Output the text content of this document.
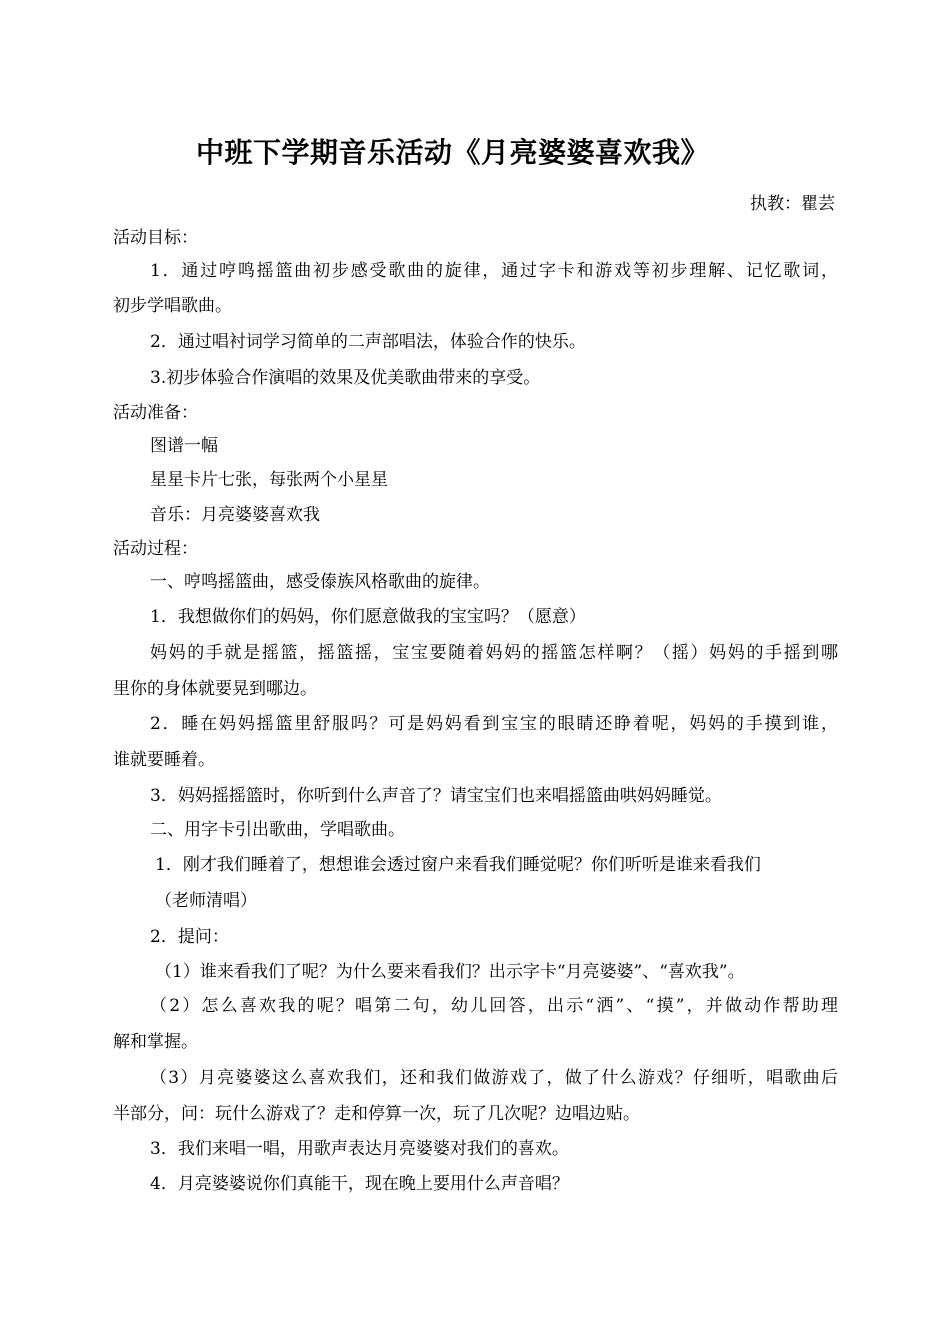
中班下学期音乐活动《月亮婆婆喜欢我》
执教：瞿芸
活动目标：
1．通过哼鸣摇篮曲初步感受歌曲的旋律，通过字卡和游戏等初步理解、记忆歌词，
初步学唱歌曲。
2．通过唱衬词学习简单的二声部唱法，体验合作的快乐。
3.初步体验合作演唱的效果及优美歌曲带来的享受。
活动准备：
图谱一幅
星星卡片七张，每张两个小星星
音乐：月亮婆婆喜欢我
活动过程：
一、哼鸣摇篮曲，感受傣族风格歌曲的旋律。
1．我想做你们的妈妈，你们愿意做我的宝宝吗？（愿意）
妈妈的手就是摇篮，摇篮摇，宝宝要随着妈妈的摇篮怎样啊？（摇）妈妈的手摇到哪
里你的身体就要晃到哪边。
2．睡在妈妈摇篮里舒服吗？可是妈妈看到宝宝的眼睛还睁着呢，妈妈的手摸到谁，
谁就要睡着。
3．妈妈摇摇篮时，你听到什么声音了？请宝宝们也来唱摇篮曲哄妈妈睡觉。
二、用字卡引出歌曲，学唱歌曲。
1．刚才我们睡着了，想想谁会透过窗户来看我们睡觉呢？你们听听是谁来看我们
（老师清唱）
2．提问：
（1）谁来看我们了呢？为什么要来看我们？出示字卡“月亮婆婆”、“喜欢我”。
（2）怎么喜欢我的呢？唱第二句，幼儿回答，出示“洒”、“摸”，并做动作帮助理
解和掌握。
（3）月亮婆婆这么喜欢我们，还和我们做游戏了，做了什么游戏？仔细听，唱歌曲后
半部分，问：玩什么游戏了？走和停算一次，玩了几次呢？边唱边贴。
3．我们来唱一唱，用歌声表达月亮婆婆对我们的喜欢。
4．月亮婆婆说你们真能干，现在晚上要用什么声音唱？
